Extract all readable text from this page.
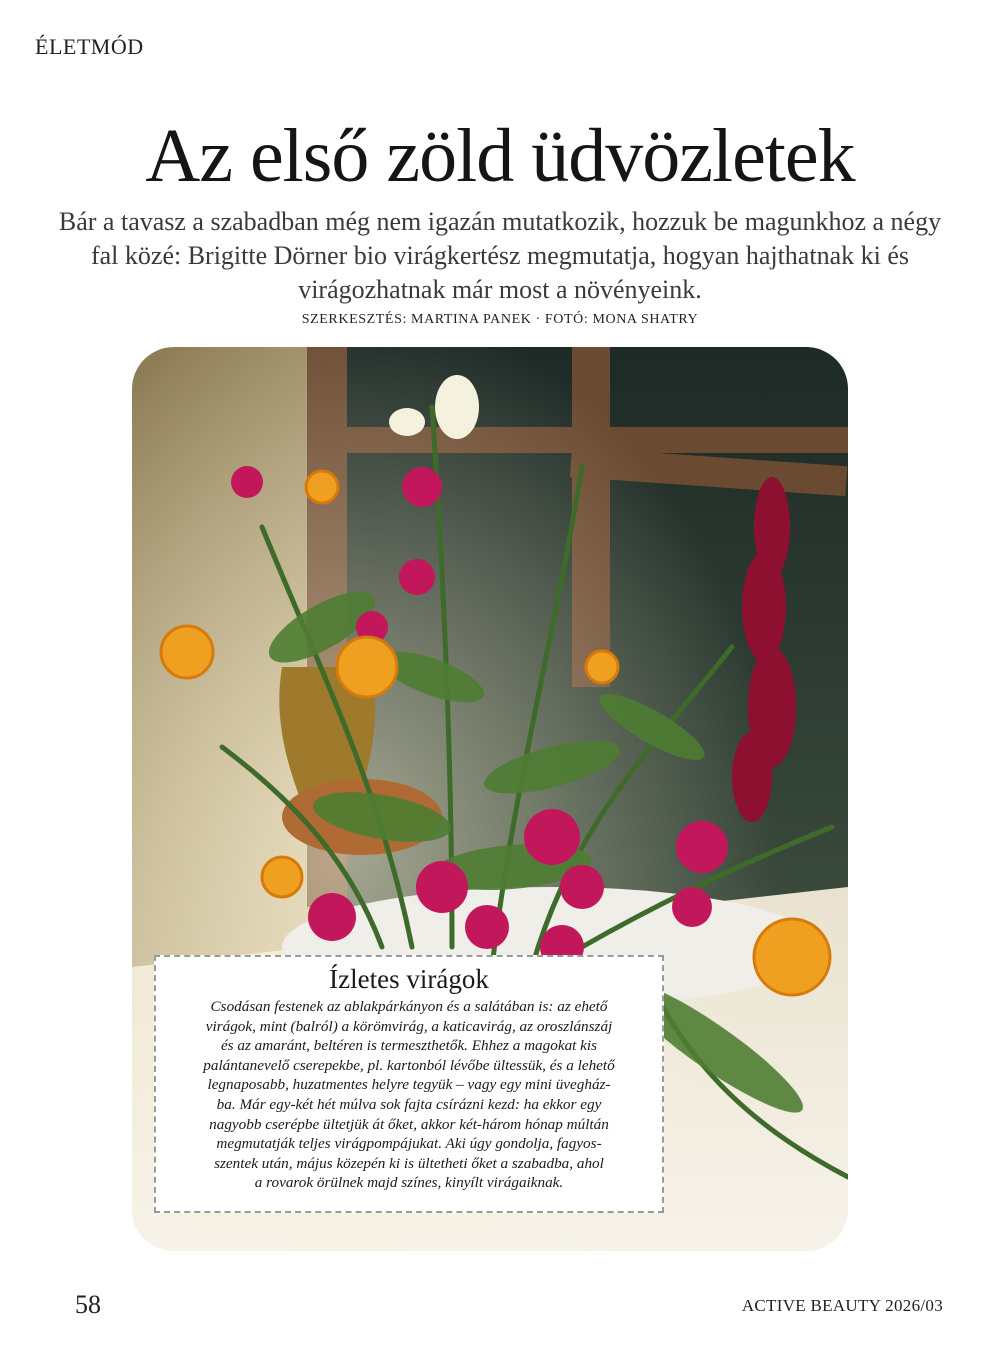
ÉLETMÓD
Az első zöld üdvözletek

Bár a tavasz a szabadban még nem igazán mutatkozik, hozzuk be magunkhoz a négy fal közé: Brigitte Dörner bio virágkertész megmutatja, hogyan hajthatnak ki és virágozhatnak már most a növényeink.

SZERKESZTÉS: MARTINA PANEK · FOTÓ: MONA SHATRY
Ízletes virágok
Csodásan festenek az ablakpárkányon és a salátában is: az ehető
virágok, mint (balról) a körömvirág, a katicavirág, az oroszlánszáj
és az amaránt, beltéren is termeszthetők. Ehhez a magokat kis
palántanevelő cserepekbe, pl. kartonból lévőbe ültessük, és a lehető
legnaposabb, huzatmentes helyre tegyük – vagy egy mini üvegház-
ba. Már egy-két hét múlva sok fajta csírázni kezd: ha ekkor egy
nagyobb cserépbe ültetjük át őket, akkor két-három hónap múltán
megmutatják teljes virágpompájukat. Aki úgy gondolja, fagyos-
szentek után, május közepén ki is ültetheti őket a szabadba, ahol
a rovarok örülnek majd színes, kinyílt virágaiknak.
58	ACTIVE BEAUTY 2026/03
